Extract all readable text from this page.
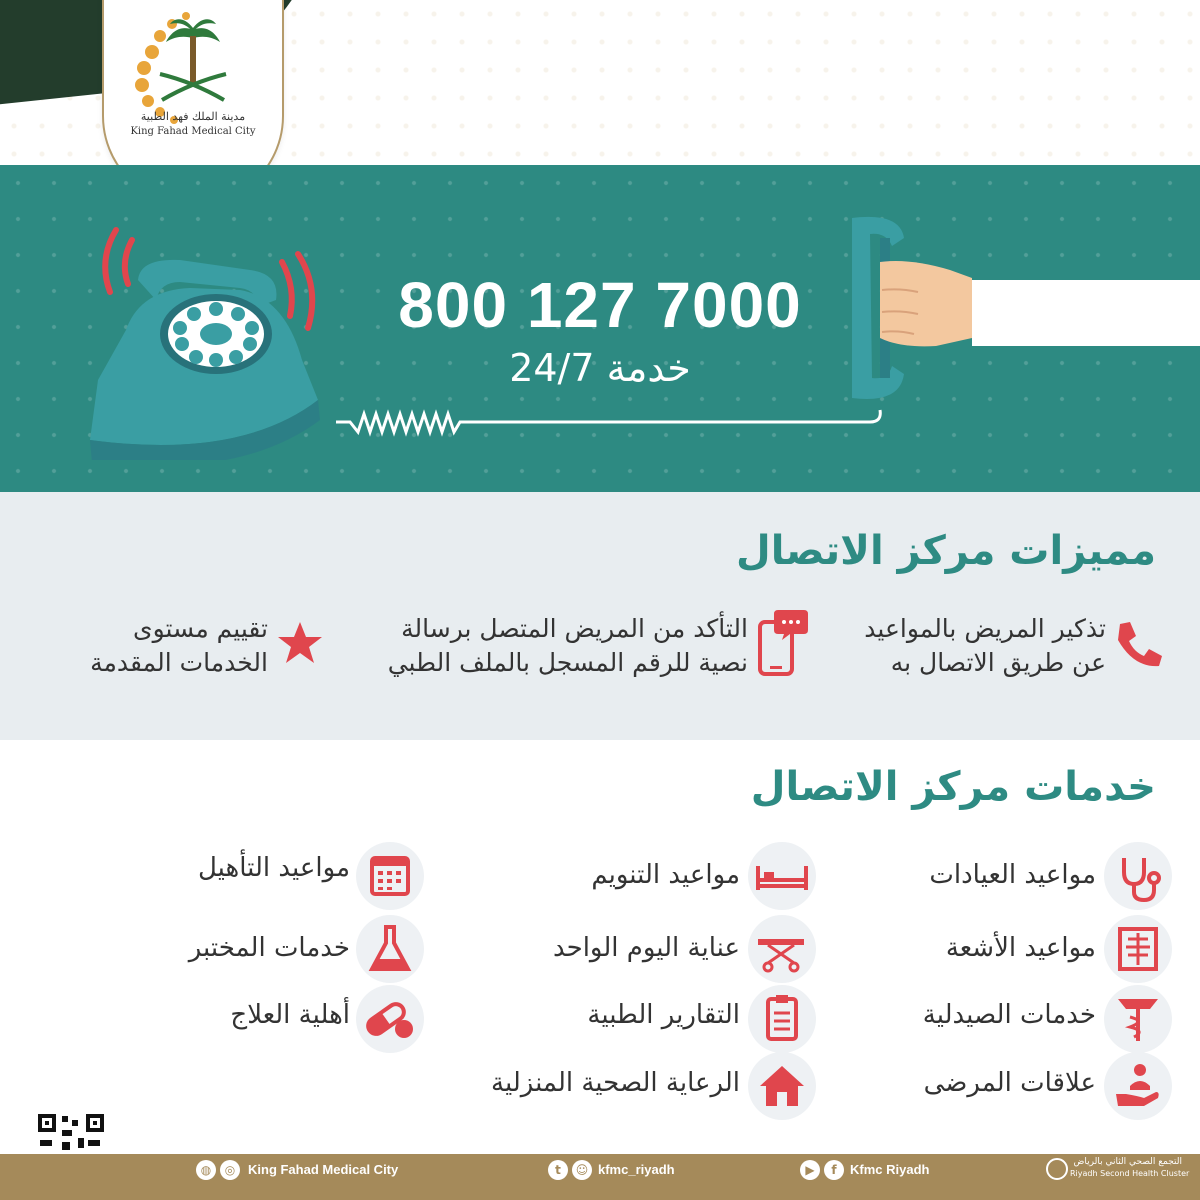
مدينة الملك فهد الطبية
King Fahad Medical City
800 127 7000
خدمة 24/7
مميزات مركز الاتصال
تذكير المريض بالمواعيد
عن طريق الاتصال به
التأكد من المريض المتصل برسالة
نصية للرقم المسجل بالملف الطبي
تقييم مستوى
الخدمات المقدمة
خدمات مركز الاتصال
مواعيد العيادات
مواعيد الأشعة
خدمات الصيدلية
علاقات المرضى
مواعيد التنويم
عناية اليوم الواحد
التقارير الطبية
الرعاية الصحية المنزلية
مواعيد التأهيل
خدمات المختبر
أهلية العلاج
◍	◎ King Fahad Medical City	t	☺ kfmc_riyadh	▶	f	Kfmc Riyadh	التجمع الصحي الثاني بالرياض
Riyadh Second Health Cluster
